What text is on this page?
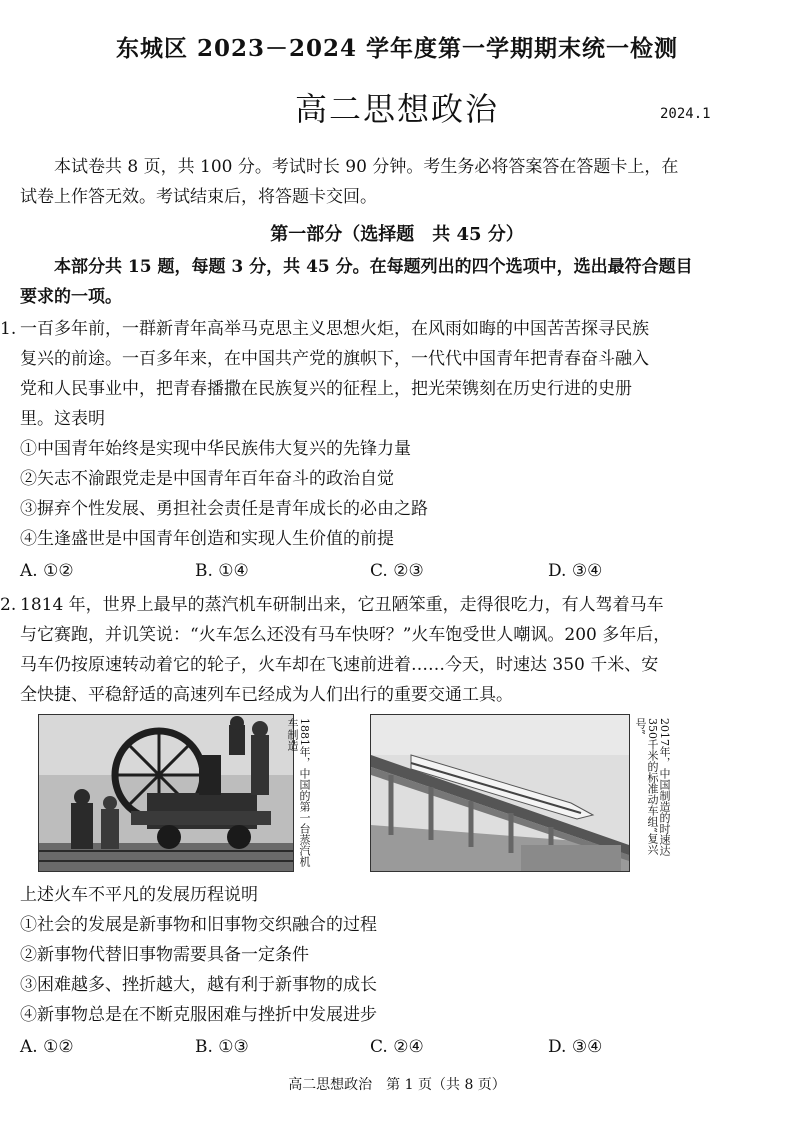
东城区 2023－2024 学年度第一学期期末统一检测
高二思想政治	2024.1
本试卷共 8 页，共 100 分。考试时长 90 分钟。考生务必将答案答在答题卡上，在
试卷上作答无效。考试结束后，将答题卡交回。
第一部分（选择题　共 45 分）
本部分共 15 题，每题 3 分，共 45 分。在每题列出的四个选项中，选出最符合题目
要求的一项。
1. 一百多年前，一群新青年高举马克思主义思想火炬，在风雨如晦的中国苦苦探寻民族
复兴的前途。一百多年来，在中国共产党的旗帜下，一代代中国青年把青春奋斗融入
党和人民事业中，把青春播撒在民族复兴的征程上，把光荣镌刻在历史行进的史册
里。这表明
①中国青年始终是实现中华民族伟大复兴的先锋力量
②矢志不渝跟党走是中国青年百年奋斗的政治自觉
③摒弃个性发展、勇担社会责任是青年成长的必由之路
④生逢盛世是中国青年创造和实现人生价值的前提
A. ①②	B. ①④	C. ②③	D. ③④
2. 1814 年，世界上最早的蒸汽机车研制出来，它丑陋笨重，走得很吃力，有人驾着马车
与它赛跑，并讥笑说：“火车怎么还没有马车快呀？”火车饱受世人嘲讽。200 多年后，
马车仍按原速转动着它的轮子，火车却在飞速前进着……今天，时速达 350 千米、安
全快捷、平稳舒适的高速列车已经成为人们出行的重要交通工具。
1881年，中国的第一台蒸汽机车制造	2017年，中国制造的时速达350千米的标准动车组“复兴号”
上述火车不平凡的发展历程说明
①社会的发展是新事物和旧事物交织融合的过程
②新事物代替旧事物需要具备一定条件
③困难越多、挫折越大，越有利于新事物的成长
④新事物总是在不断克服困难与挫折中发展进步
A. ①②	B. ①③	C. ②④	D. ③④
高二思想政治　第 1 页（共 8 页）
